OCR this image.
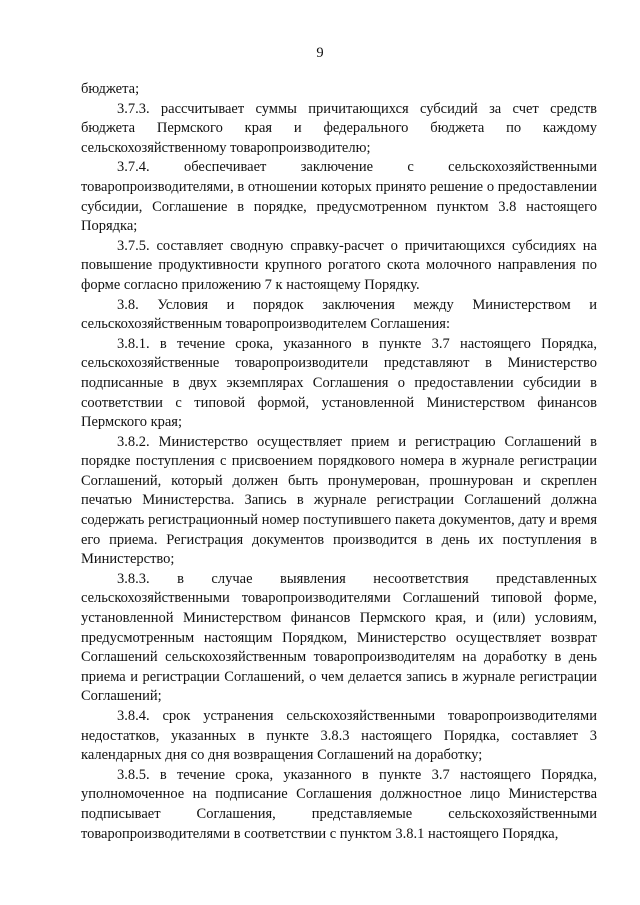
9

бюджета;

3.7.3. рассчитывает суммы причитающихся субсидий за счет средств бюджета Пермского края и федерального бюджета по каждому сельскохозяйственному товаропроизводителю;

3.7.4. обеспечивает заключение с сельскохозяйственными товаропроизводителями, в отношении которых принято решение о предоставлении субсидии, Соглашение в порядке, предусмотренном пунктом 3.8 настоящего Порядка;

3.7.5. составляет сводную справку-расчет о причитающихся субсидиях на повышение продуктивности крупного рогатого скота молочного направления по форме согласно приложению 7 к настоящему Порядку.

3.8. Условия и порядок заключения между Министерством и сельскохозяйственным товаропроизводителем Соглашения:

3.8.1. в течение срока, указанного в пункте 3.7 настоящего Порядка, сельскохозяйственные товаропроизводители представляют в Министерство подписанные в двух экземплярах Соглашения о предоставлении субсидии в соответствии с типовой формой, установленной Министерством финансов Пермского края;

3.8.2. Министерство осуществляет прием и регистрацию Соглашений в порядке поступления с присвоением порядкового номера в журнале регистрации Соглашений, который должен быть пронумерован, прошнурован и скреплен печатью Министерства. Запись в журнале регистрации Соглашений должна содержать регистрационный номер поступившего пакета документов, дату и время его приема. Регистрация документов производится в день их поступления в Министерство;

3.8.3. в случае выявления несоответствия представленных сельскохозяйственными товаропроизводителями Соглашений типовой форме, установленной Министерством финансов Пермского края, и (или) условиям, предусмотренным настоящим Порядком, Министерство осуществляет возврат Соглашений сельскохозяйственным товаропроизводителям на доработку в день приема и регистрации Соглашений, о чем делается запись в журнале регистрации Соглашений;

3.8.4. срок устранения сельскохозяйственными товаропроизводителями недостатков, указанных в пункте 3.8.3 настоящего Порядка, составляет 3 календарных дня со дня возвращения Соглашений на доработку;

3.8.5. в течение срока, указанного в пункте 3.7 настоящего Порядка, уполномоченное на подписание Соглашения должностное лицо Министерства подписывает Соглашения, представляемые сельскохозяйственными товаропроизводителями в соответствии с пунктом 3.8.1 настоящего Порядка,
